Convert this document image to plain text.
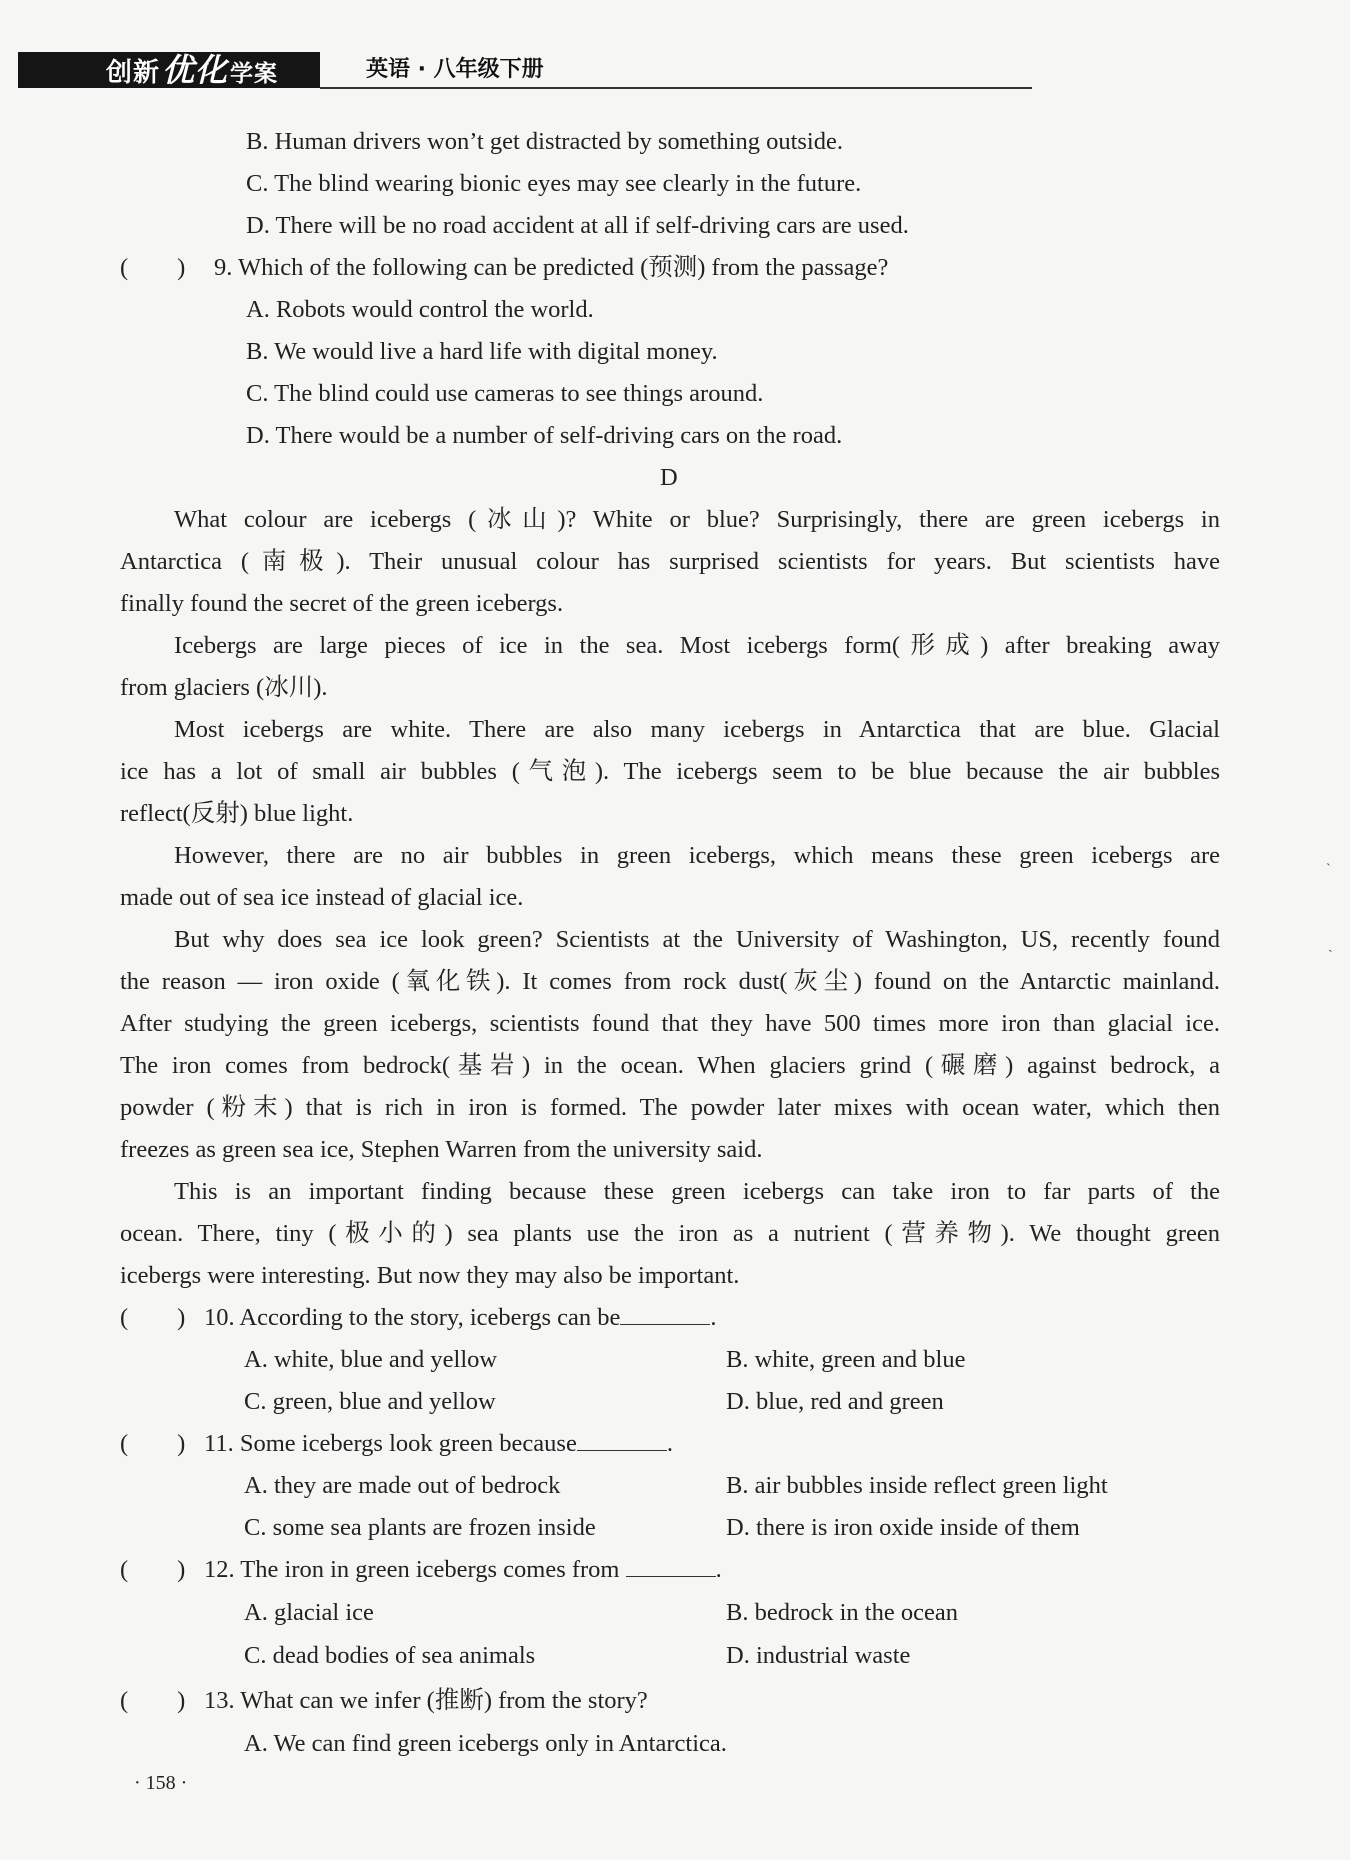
创新优化学案	英语 · 八年级下册
B. Human drivers won’t get distracted by something outside.
C. The blind wearing bionic eyes may see clearly in the future.
D. There will be no road accident at all if self-driving cars are used.
(　　) 9. Which of the following can be predicted (预测) from the passage?
A. Robots would control the world.
B. We would live a hard life with digital money.
C. The blind could use cameras to see things around.
D. There would be a number of self-driving cars on the road.
D
What colour are icebergs (冰山)? White or blue? Surprisingly, there are green icebergs in
Antarctica (南极). Their unusual colour has surprised scientists for years. But scientists have
finally found the secret of the green icebergs.
Icebergs are large pieces of ice in the sea. Most icebergs form(形成) after breaking away
from glaciers (冰川).
Most icebergs are white. There are also many icebergs in Antarctica that are blue. Glacial
ice has a lot of small air bubbles (气泡). The icebergs seem to be blue because the air bubbles
reflect(反射) blue light.
However, there are no air bubbles in green icebergs, which means these green icebergs are
made out of sea ice instead of glacial ice.
But why does sea ice look green? Scientists at the University of Washington, US, recently found
the reason — iron oxide (氧化铁). It comes from rock dust(灰尘) found on the Antarctic mainland.
After studying the green icebergs, scientists found that they have 500 times more iron than glacial ice.
The iron comes from bedrock(基岩) in the ocean. When glaciers grind (碾磨) against bedrock, a
powder (粉末) that is rich in iron is formed. The powder later mixes with ocean water, which then
freezes as green sea ice, Stephen Warren from the university said.
This is an important finding because these green icebergs can take iron to far parts of the
ocean. There, tiny (极小的) sea plants use the iron as a nutrient (营养物). We thought green
icebergs were interesting. But now they may also be important.
(　　) 10. According to the story, icebergs can be	.
A. white, blue and yellow	B. white, green and blue
C. green, blue and yellow	D. blue, red and green
(　　) 11. Some icebergs look green because	.
A. they are made out of bedrock	B. air bubbles inside reflect green light
C. some sea plants are frozen inside	D. there is iron oxide inside of them
(　　) 12. The iron in green icebergs comes from	.
A. glacial ice	B. bedrock in the ocean
C. dead bodies of sea animals	D. industrial waste
(　　) 13. What can we infer (推断) from the story?
A. We can find green icebergs only in Antarctica.
· 158 ·
ˋ
ˏ
